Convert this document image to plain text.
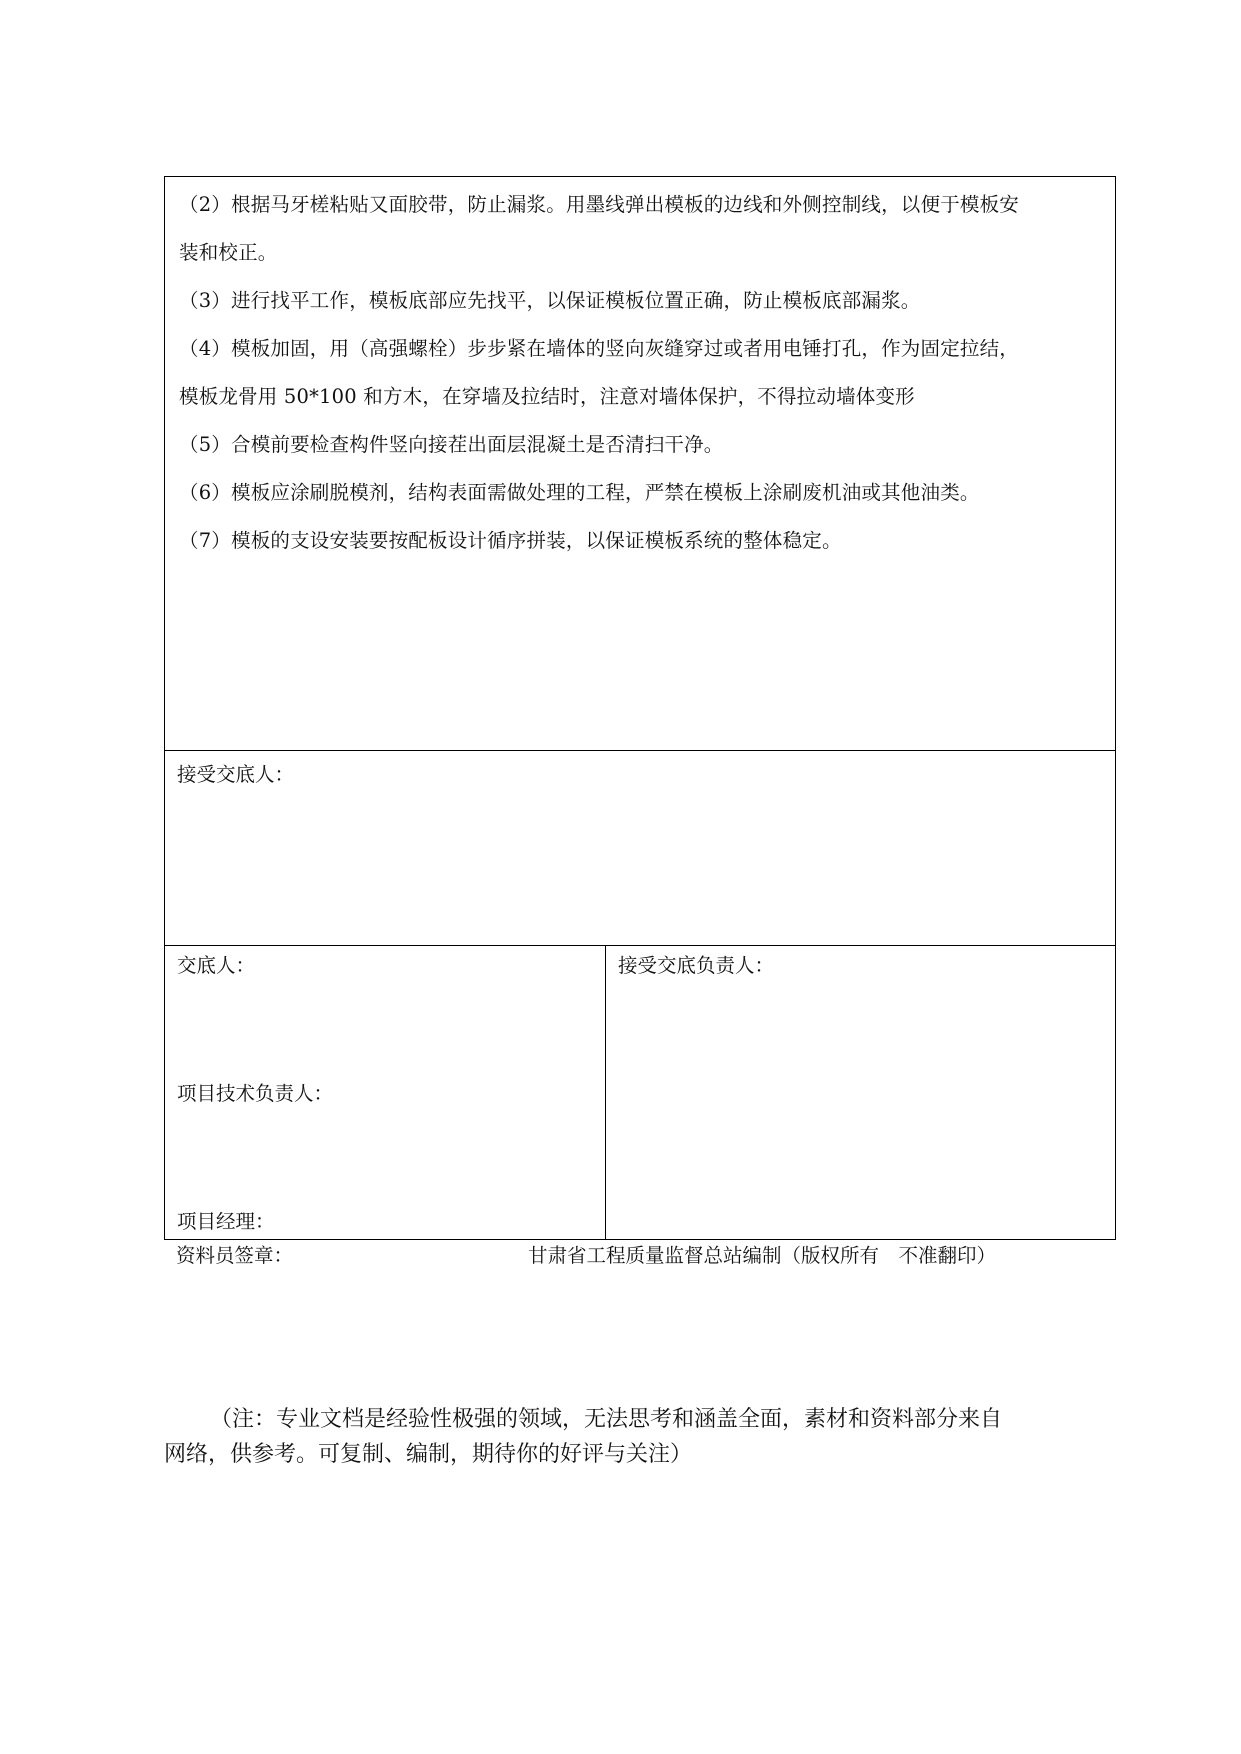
（2）根据马牙槎粘贴又面胶带，防止漏浆。用墨线弹出模板的边线和外侧控制线，以便于模板安
装和校正。
（3）进行找平工作，模板底部应先找平，以保证模板位置正确，防止模板底部漏浆。
（4）模板加固，用（高强螺栓）步步紧在墙体的竖向灰缝穿过或者用电锤打孔，作为固定拉结，
模板龙骨用 50*100 和方木，在穿墙及拉结时，注意对墙体保护，不得拉动墙体变形
（5）合模前要检查构件竖向接茬出面层混凝土是否清扫干净。
（6）模板应涂刷脱模剂，结构表面需做处理的工程，严禁在模板上涂刷废机油或其他油类。
（7）模板的支设安装要按配板设计循序拼装，以保证模板系统的整体稳定。
接受交底人：
交底人：
项目技术负责人：
项目经理：
接受交底负责人：
资料员签章：	甘肃省工程质量监督总站编制（版权所有　不准翻印）
（注：专业文档是经验性极强的领域，无法思考和涵盖全面，素材和资料部分来自
网络，供参考。可复制、编制，期待你的好评与关注）
